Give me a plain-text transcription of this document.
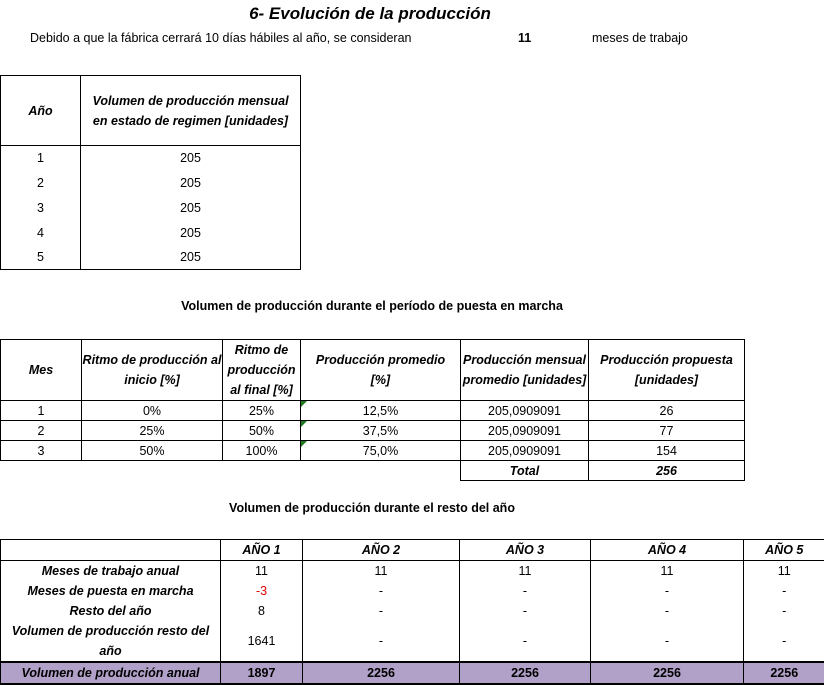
6- Evolución de la producción
Debido a que la fábrica cerrará 10 días hábiles al año, se consideran	11	meses de trabajo
Año	Volumen de producción mensual en estado de regimen [unidades]
1	205
2	205
3	205
4	205
5	205
Volumen de producción durante el período de puesta en marcha
Mes	Ritmo de producción al inicio [%]	Ritmo de producción al final [%]	Producción promedio [%]	Producción mensual promedio [unidades]	Producción propuesta [unidades]
1	0%	25%	12,5%	205,0909091	26
2	25%	50%	37,5%	205,0909091	77
3	50%	100%	75,0%	205,0909091	154
				Total	256
Volumen de producción durante el resto del año
	AÑO 1	AÑO 2	AÑO 3	AÑO 4	AÑO 5
Meses de trabajo anual	11	11	11	11	11
Meses de puesta en marcha	-3	-	-	-	-
Resto del año	8	-	-	-	-
Volumen de producción resto del año	1641	-	-	-	-
Volumen de producción anual	1897	2256	2256	2256	2256
